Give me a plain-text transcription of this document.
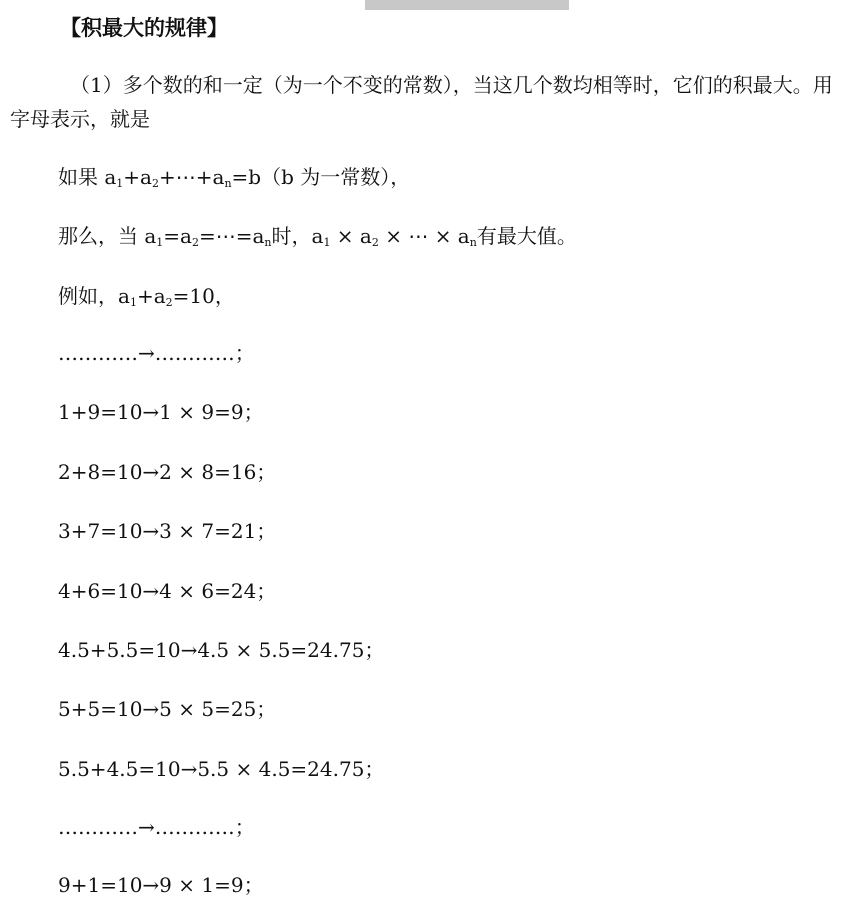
【积最大的规律】
（1）多个数的和一定（为一个不变的常数），当这几个数均相等时，它们的积最大。用字母表示，就是
如果 $a_1+a_2+\cdots+a_n=b(b$ 为一常数），
那么，当 $a_1=a_2=\cdots=a_n$时，$a_1 \times a_2$ × ⋯ × $a_n$有最大值。
例如，$a_1+a_2=10$，
…………→…………；
1+9=10→1 × 9=9；
2+8=10→2 × 8=16；
3+7=10→3 × 7=21；
4+6=10→4 × 6=24；
4.5+5.5=10→4.5 × 5.5=24.75；
5+5=10→5 × 5=25；
5.5+4.5=10→5.5 × 4.5=24.75；
…………→…………；
9+1=10→9 × 1=9；
